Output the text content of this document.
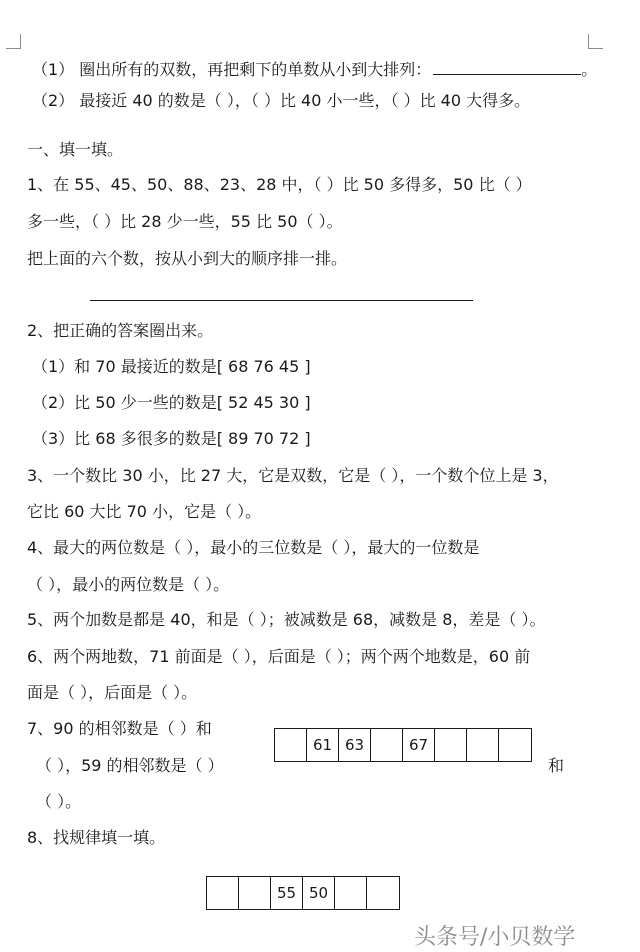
（1） 圈出所有的双数，再把剩下的单数从小到大排列：	。
（2） 最接近 40 的数是（ ），（ ）比 40 小一些，（ ）比 40 大得多。
一、填一填。
1、在 55、45、50、88、23、28 中，（ ）比 50 多得多，50 比（ ）
多一些，（ ）比 28 少一些，55 比 50（ ）。
把上面的六个数，按从小到大的顺序排一排。
2、把正确的答案圈出来。
（1）和 70 最接近的数是[ 68 76 45 ]
（2）比 50 少一些的数是[ 52 45 30 ]
（3）比 68 多很多的数是[ 89 70 72 ]
3、一个数比 30 小，比 27 大，它是双数，它是（ ），一个数个位上是 3，
它比 60 大比 70 小，它是（ ）。
4、最大的两位数是（ ），最小的三位数是（ ），最大的一位数是
（ ），最小的两位数是（ ）。
5、两个加数是都是 40，和是（ ）；被减数是 68，减数是 8，差是（ ）。
6、两个两地数，71 前面是（ ），后面是（ ）；两个两个地数是，60 前
面是（ ），后面是（ ）。
7、90 的相邻数是（ ）和
（ ），59 的相邻数是（ ）	和
（ ）。
61 63	67
8、找规律填一填。
55 50
头条号/小贝数学
